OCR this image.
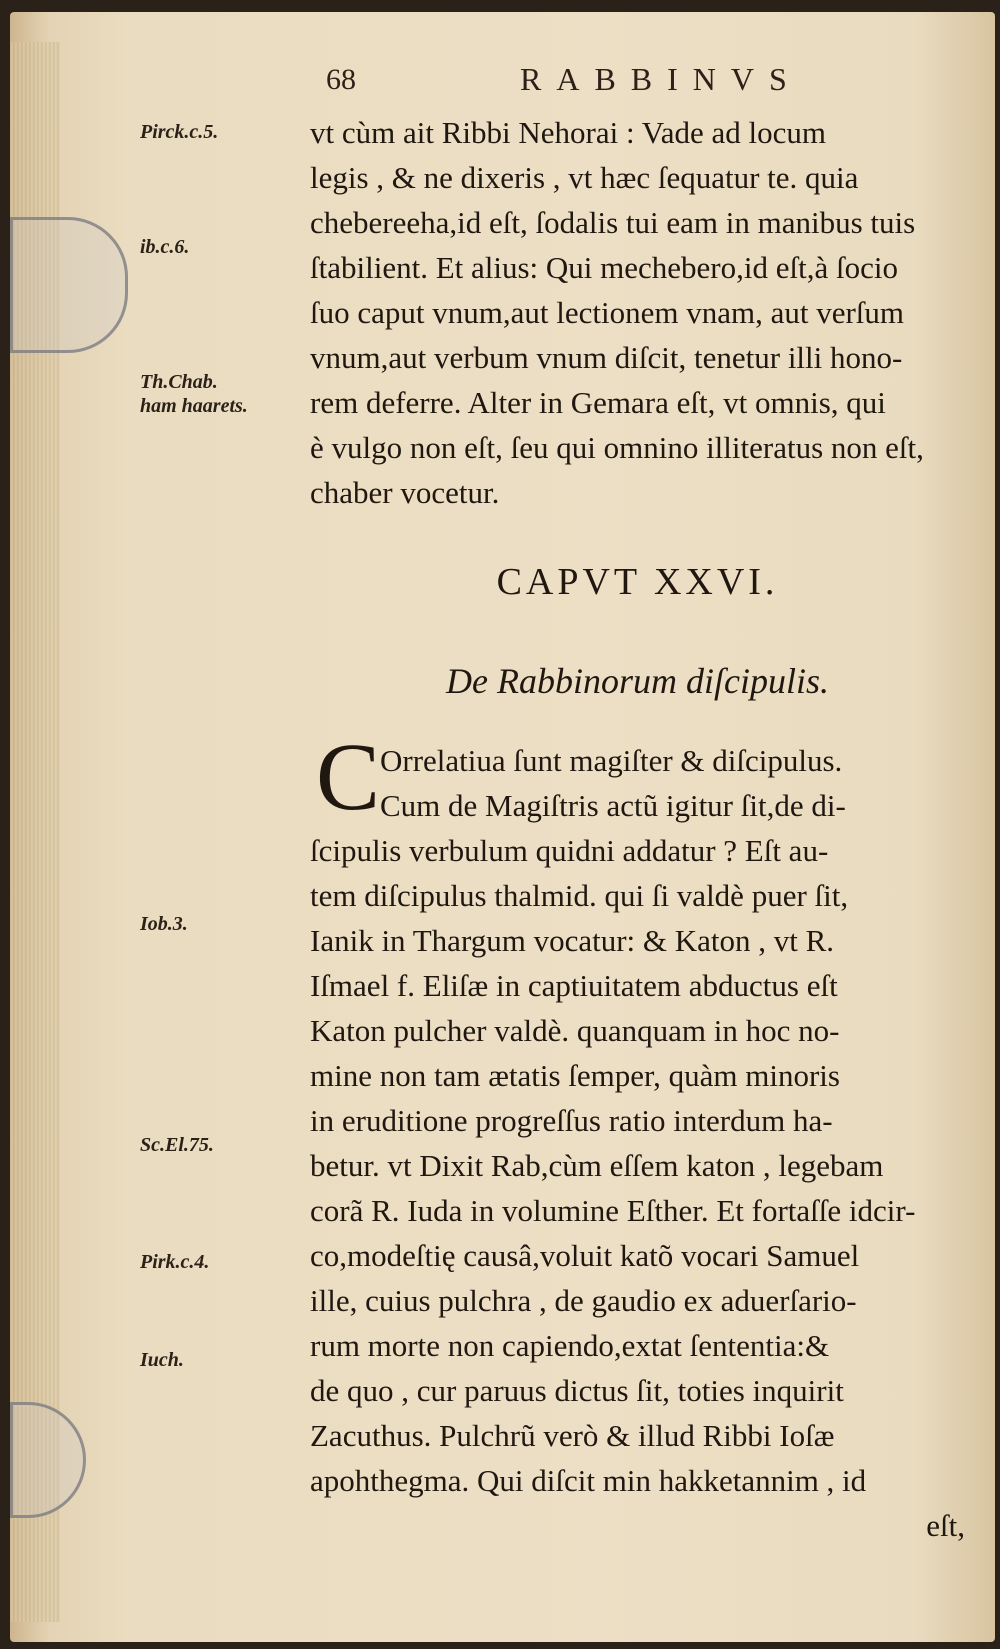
68	RABBINVS
Pirck.c.5.
ib.c.6.
Th.Chab.
ham haarets.
Iob.3.
Sc.El.75.
Pirk.c.4.
Iuch.
vt cùm ait Ribbi Nehorai : Vade ad locum
legis , & ne dixeris , vt hæc ſequatur te. quia
chebereeha,id eſt, ſodalis tui eam in manibus tuis
ſtabilient. Et alius: Qui mechebero,id eſt,à ſocio
ſuo caput vnum,aut lectionem vnam, aut verſum
vnum,aut verbum vnum diſcit, tenetur illi hono-
rem deferre. Alter in Gemara eſt, vt omnis, qui
è vulgo non eſt, ſeu qui omnino illiteratus non eſt,
chaber vocetur.
CAPVT XXVI.
De Rabbinorum diſcipulis.
C Orrelatiua ſunt magiſter & diſcipulus.
Cum de Magiſtris actũ igitur ſit,de di-
ſcipulis verbulum quidni addatur ? Eſt au-
tem diſcipulus thalmid. qui ſi valdè puer ſit,
Ianik in Thargum vocatur: & Katon , vt R.
Iſmael f. Eliſæ in captiuitatem abductus eſt
Katon pulcher valdè. quanquam in hoc no-
mine non tam ætatis ſemper, quàm minoris
in eruditione progreſſus ratio interdum ha-
betur. vt Dixit Rab,cùm eſſem katon , legebam
corã R. Iuda in volumine Eſther. Et fortaſſe idcir-
co,modeſtię causâ,voluit katõ vocari Samuel
ille, cuius pulchra , de gaudio ex aduerſario-
rum morte non capiendo,extat ſententia:&
de quo , cur paruus dictus ſit, toties inquirit
Zacuthus. Pulchrũ verò & illud Ribbi Ioſæ
apohthegma. Qui diſcit min hakketannim , id
eſt,
